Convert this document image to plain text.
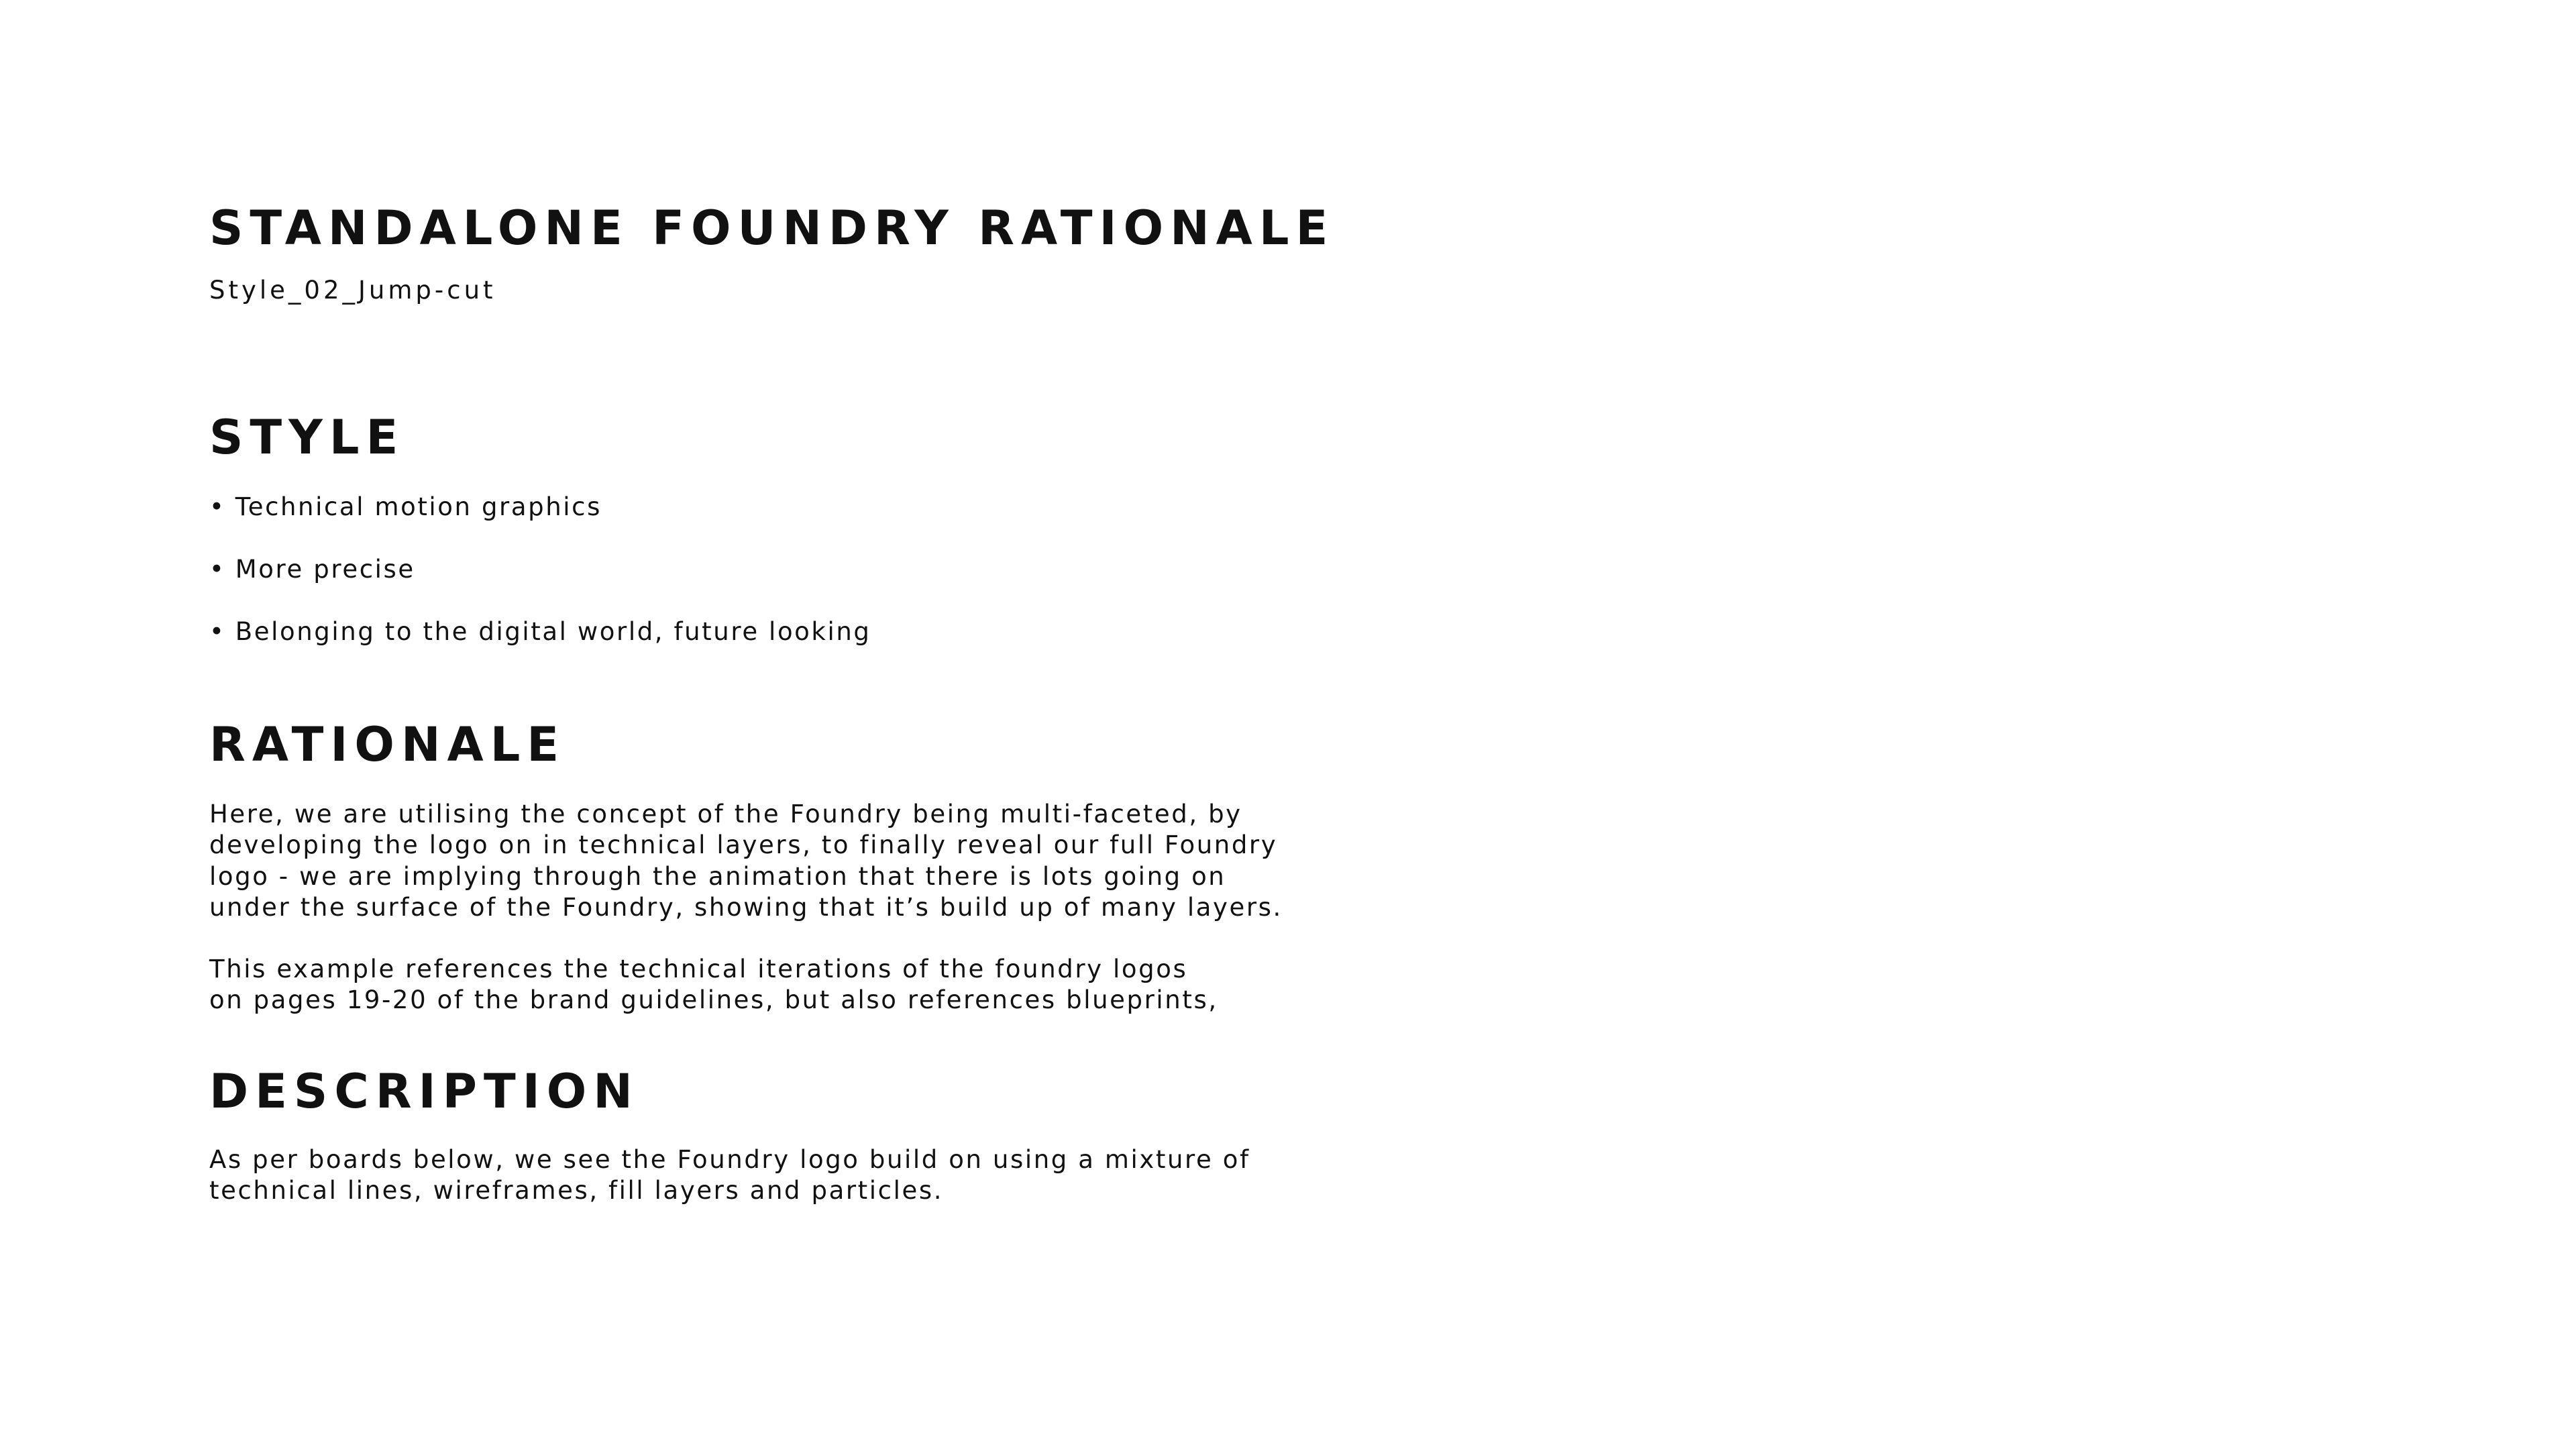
STANDALONE FOUNDRY RATIONALE

Style_02_Jump-cut

STYLE

• Technical motion graphics

• More precise

• Belonging to the digital world, future looking

RATIONALE

Here, we are utilising the concept of the Foundry being multi-faceted, by

developing the logo on in technical layers, to finally reveal our full Foundry

logo - we are implying through the animation that there is lots going on

under the surface of the Foundry, showing that it’s build up of many layers.

This example references the technical iterations of the foundry logos

on pages 19-20 of the brand guidelines, but also references blueprints,

DESCRIPTION

As per boards below, we see the Foundry logo build on using a mixture of

technical lines, wireframes, fill layers and particles.
